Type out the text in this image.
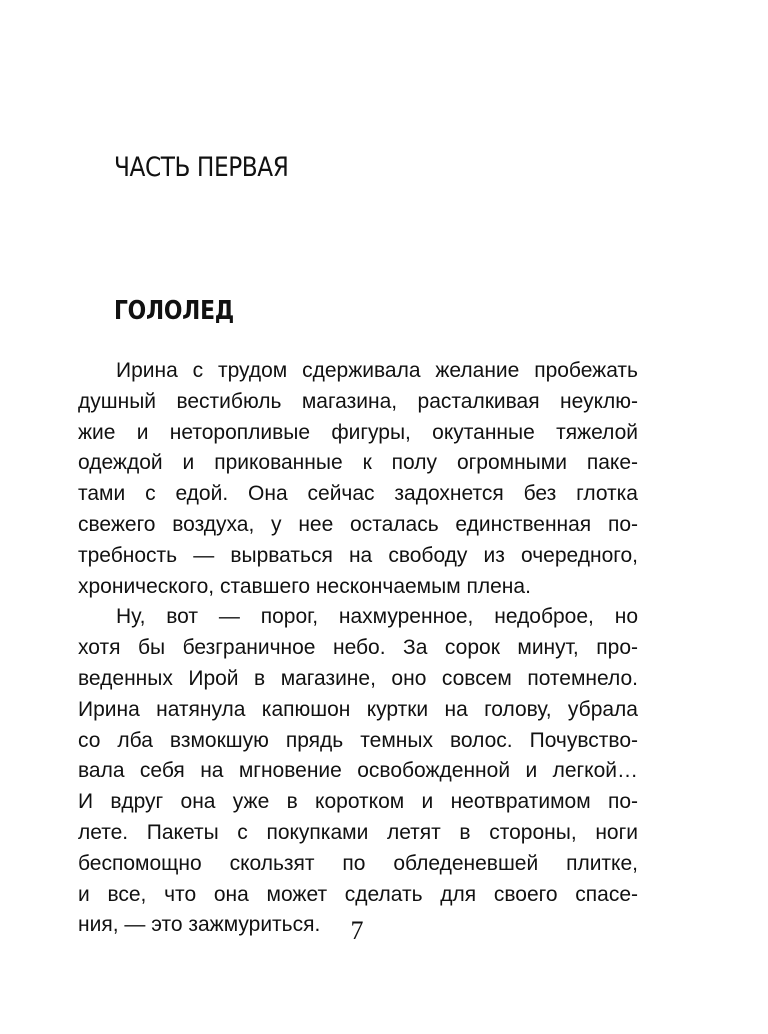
ЧАСТЬ ПЕРВАЯ
ГОЛОЛЕД

Ирина с трудом сдерживала желание пробежать
душный вестибюль магазина, расталкивая неуклю-
жие и неторопливые фигуры, окутанные тяжелой
одеждой и прикованные к полу огромными паке-
тами с едой. Она сейчас задохнется без глотка
свежего воздуха, у нее осталась единственная по-
требность — вырваться на свободу из очередного,
хронического, ставшего нескончаемым плена.

Ну, вот — порог, нахмуренное, недоброе, но
хотя бы безграничное небо. За сорок минут, про-
веденных Ирой в магазине, оно совсем потемнело.
Ирина натянула капюшон куртки на голову, убрала
со лба взмокшую прядь темных волос. Почувство-
вала себя на мгновение освобожденной и легкой…
И вдруг она уже в коротком и неотвратимом по-
лете. Пакеты с покупками летят в стороны, ноги
беспомощно скользят по обледеневшей плитке,
и все, что она может сделать для своего спасе-
ния, — это зажмуриться.	7
